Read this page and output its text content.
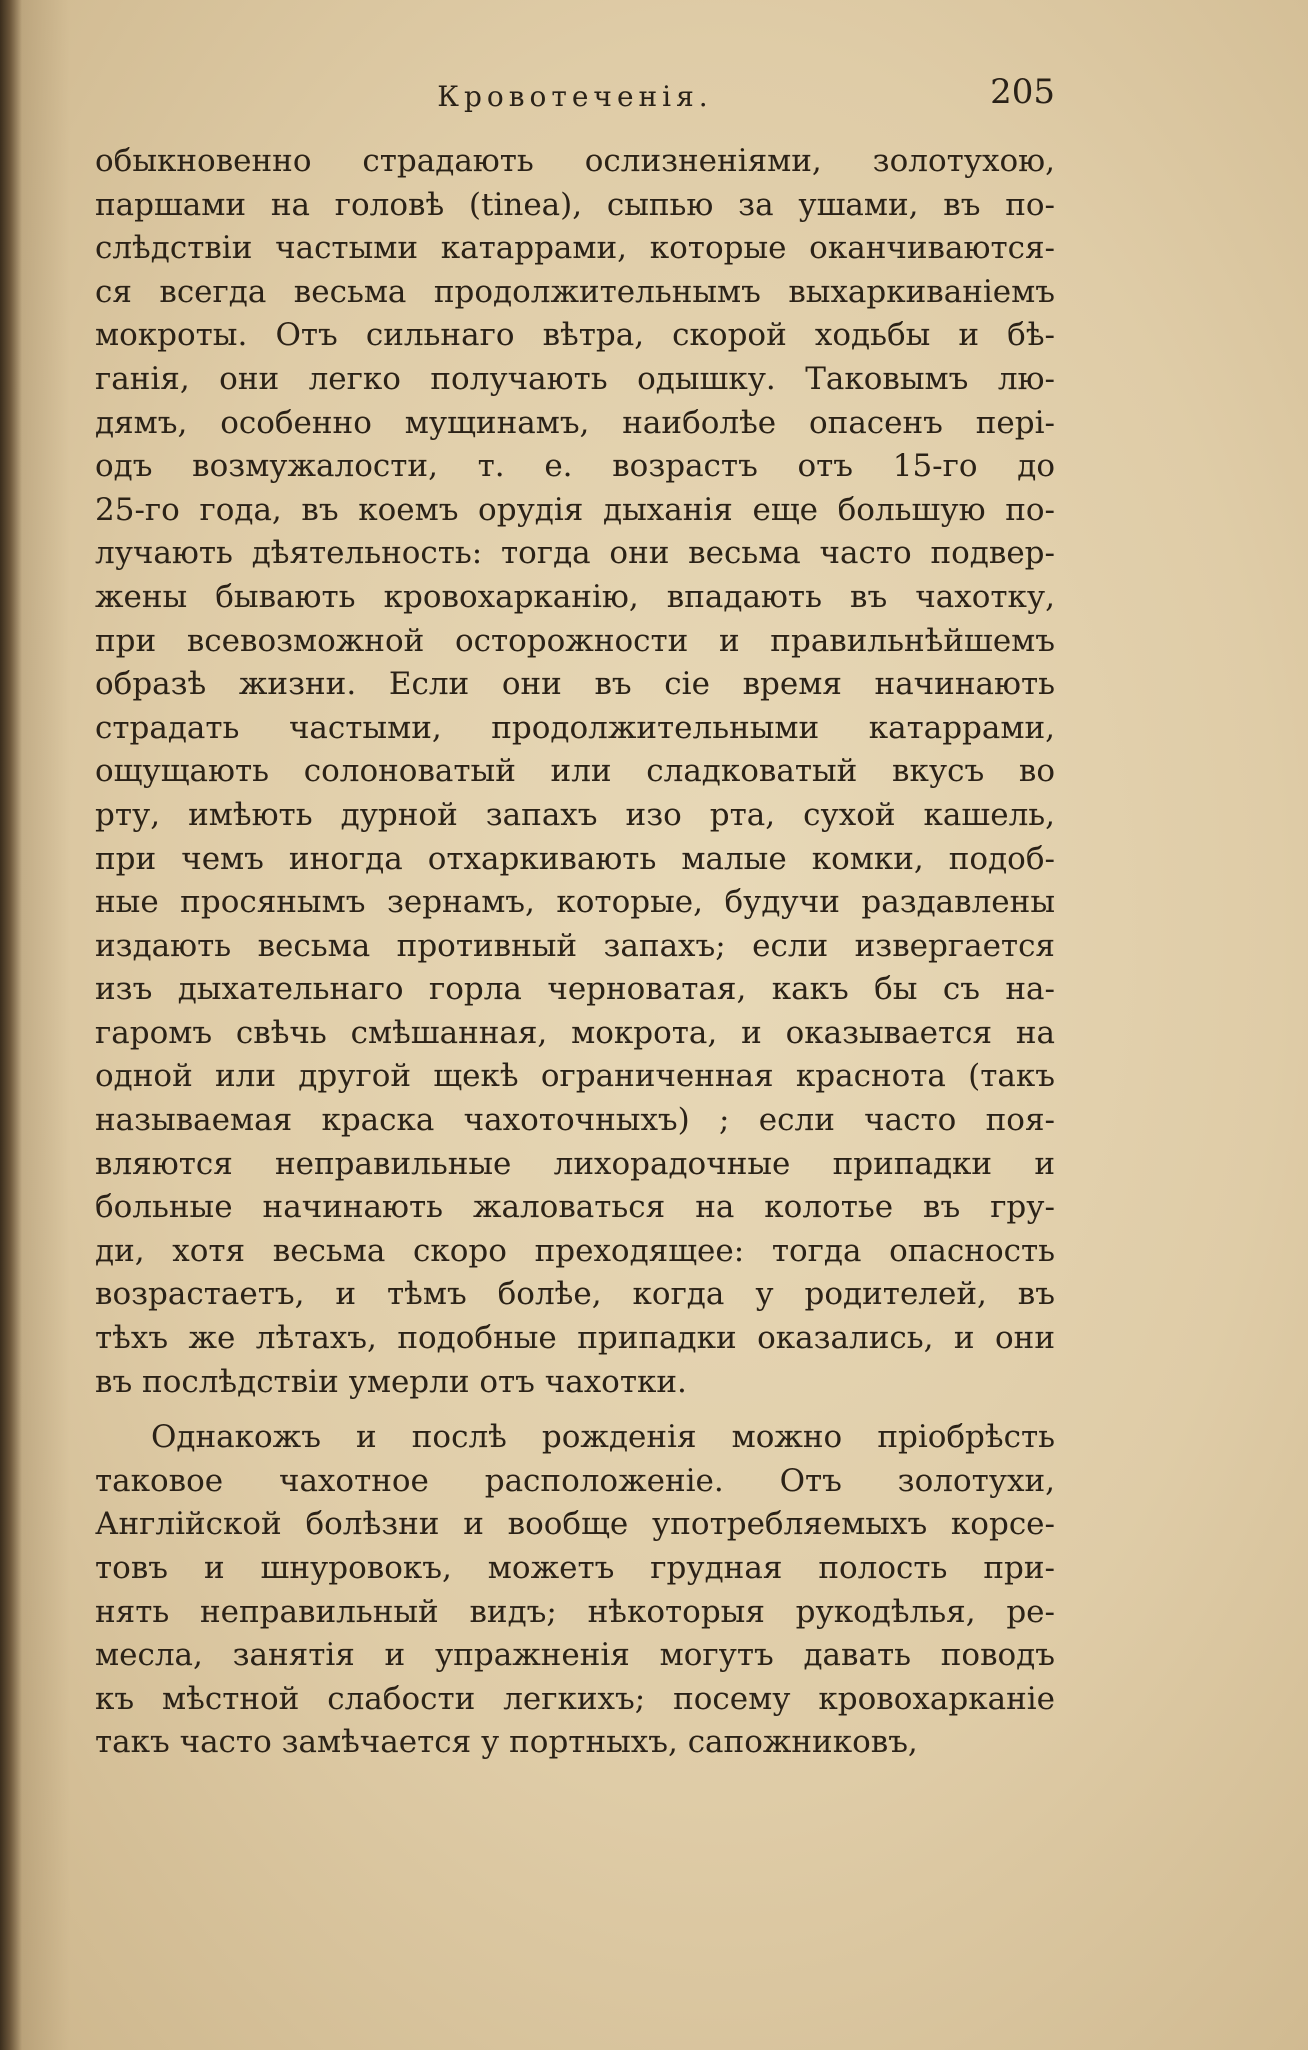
Кровотеченія.	205
обыкновенно страдають ослизненіями, золотухою,
паршами на головѣ (tinea), сыпью за ушами, въ по-
слѣдствіи частыми катаррами, которые оканчиваются-
ся всегда весьма продолжительнымъ выхаркиваніемъ
мокроты. Отъ сильнаго вѣтра, скорой ходьбы и бѣ-
ганія, они легко получають одышку. Таковымъ лю-
дямъ, особенно мущинамъ, наиболѣе опасенъ перi-
одъ возмужалости, т. е. возрастъ отъ 15-го до
25-го года, въ коемъ орудія дыханія еще большую по-
лучають дѣятельность: тогда они весьма часто подвер-
жены бывають кровохарканію, впадають въ чахотку,
при всевозможной осторожности и правильнѣйшемъ
образѣ жизни. Если они въ сіе время начинають
страдать частыми, продолжительными катаррами,
ощущають солоноватый или сладковатый вкусъ во
рту, имѣють дурной запахъ изо рта, сухой кашель,
при чемъ иногда отхаркивають малые комки, подоб-
ные просянымъ зернамъ, которые, будучи раздавлены
издають весьма противный запахъ; если извергается
изъ дыхательнаго горла черноватая, какъ бы съ на-
гаромъ свѣчь смѣшанная, мокрота, и оказывается на
одной или другой щекѣ ограниченная краснота (такъ
называемая краска чахоточныхъ) ; если часто поя-
вляются неправильные лихорадочные припадки и
больные начинають жаловаться на колотье въ гру-
ди, хотя весьма скоро преходящее: тогда опасность
возрастаетъ, и тѣмъ болѣе, когда у родителей, въ
тѣхъ же лѣтахъ, подобные припадки оказались, и они
въ послѣдствіи умерли отъ чахотки.
Однакожъ и послѣ рожденія можно пріобрѣсть
таковое чахотное расположеніе. Отъ золотухи,
Англійской болѣзни и вообще употребляемыхъ корсе-
товъ и шнуровокъ, можетъ грудная полость при-
нять неправильный видъ; нѣкоторыя рукодѣлья, ре-
месла, занятія и упражненія могутъ давать поводъ
къ мѣстной слабости легкихъ; посему кровохарканіе
такъ часто замѣчается у портныхъ, сапожниковъ,
